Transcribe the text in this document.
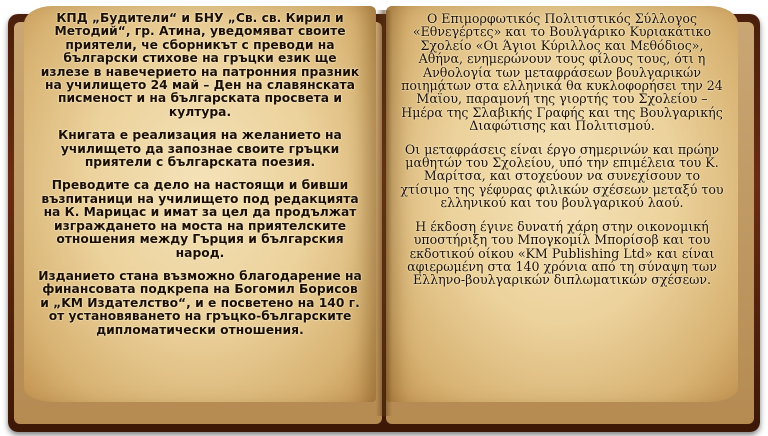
КПД „Будители“ и БНУ „Св. св. Кирил и Методий“, гр. Атина, уведомяват своите приятели, че сборникът с преводи на български стихове на гръцки език ще излезе в навечерието на патронния празник на училището 24 май – Ден на славянската писменост и на българската просвета и култура.

Книгата е реализация на желанието на училището да запознае своите гръцки приятели с българската поезия.

Преводите са дело на настоящи и бивши възпитаници на училището под редакцията на К. Марицас и имат за цел да продължат изграждането на моста на приятелските отношения между Гърция и българския народ.

Изданието стана възможно благодарение на финансовата подкрепа на Богомил Борисов и „KM Издателство“, и е посветено на 140 г. от установяването на гръцко-българските дипломатически отношения.

Ο Επιμορφωτικός Πολιτιστικός Σύλλογος «Εθνεγέρτες» και το Βουλγάρικο Κυριακάτικο Σχολείο «Οι Άγιοι Κύριλλος και Μεθόδιος», Αθήνα, ενημερώνουν τους φίλους τους, ότι η Ανθολογία των μεταφράσεων βουλγαρικών ποιημάτων στα ελληνικά θα κυκλοφορήσει την 24 Μαΐου, παραμονή της γιορτής του Σχολείου – Ημέρα της Σλαβικής Γραφής και της Βουλγαρικής Διαφώτισης και Πολιτισμού.

Οι μεταφράσεις είναι έργο σημερινών και πρώην μαθητών του Σχολείου, υπό την επιμέλεια του Κ. Μαρίτσα, και στοχεύουν να συνεχίσουν το χτίσιμο της γέφυρας φιλικών σχέσεων μεταξύ του ελληνικού και του βουλγαρικού λαού.

Η έκδοση έγινε δυνατή χάρη στην οικονομική υποστήριξη του Μπογκομίλ Μπορίσοβ και του εκδοτικού οίκου «KM Publishing Ltd» και είναι αφιερωμένη στα 140 χρόνια από τη σύναψη των Ελληνο-βουλγαρικών διπλωματικών σχέσεων.
